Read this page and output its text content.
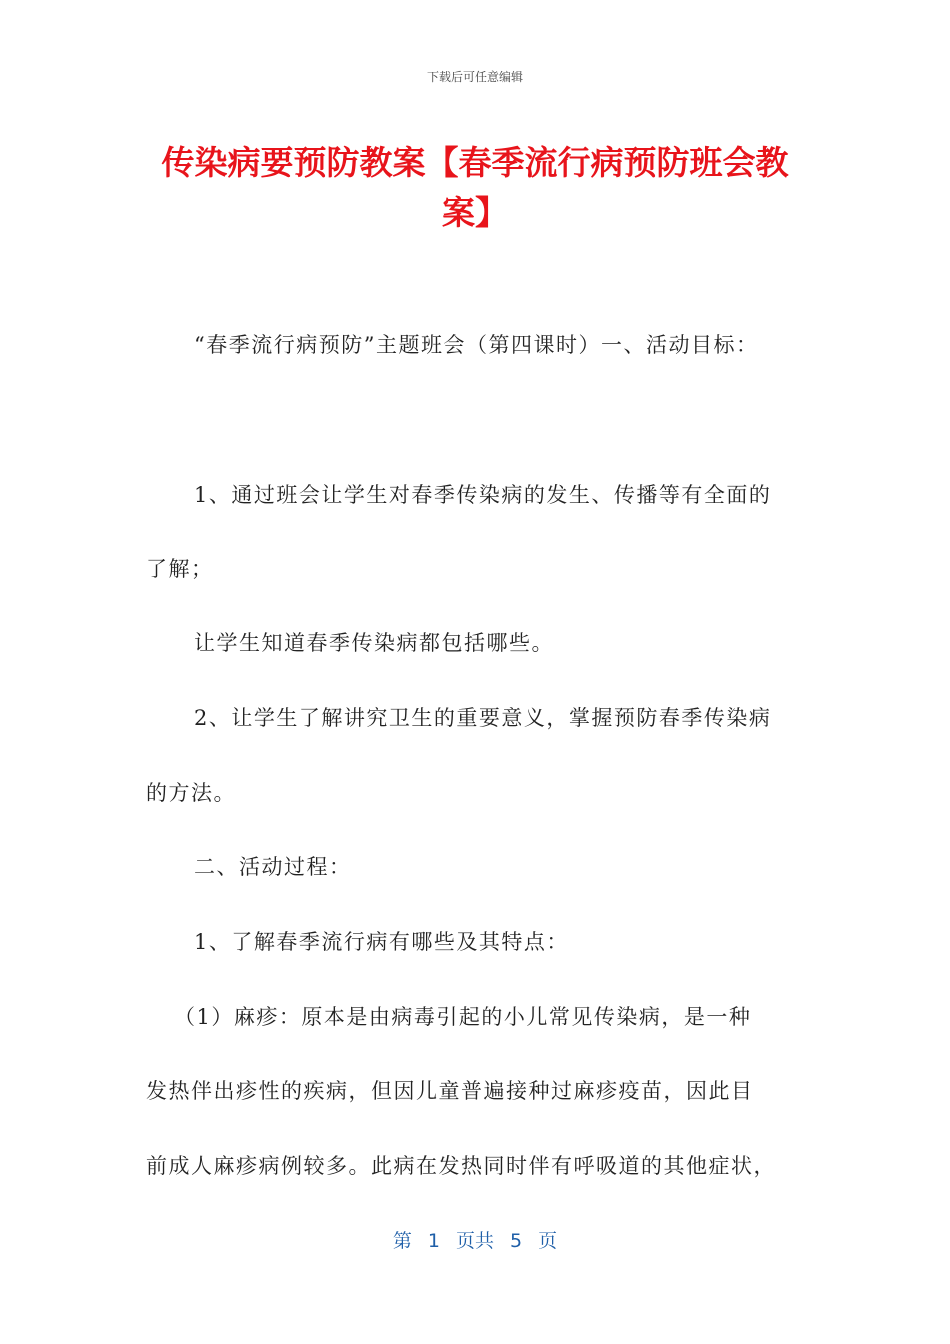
下载后可任意编辑
传染病要预防教案【春季流行病预防班会教案】

“春季流行病预防”主题班会（第四课时）一、活动目标：

1、通过班会让学生对春季传染病的发生、传播等有全面的

了解；

让学生知道春季传染病都包括哪些。

2、让学生了解讲究卫生的重要意义，掌握预防春季传染病

的方法。

二、活动过程：

1、了解春季流行病有哪些及其特点：

（1）麻疹：原本是由病毒引起的小儿常见传染病，是一种

发热伴出疹性的疾病，但因儿童普遍接种过麻疹疫苗，因此目

前成人麻疹病例较多。此病在发热同时伴有呼吸道的其他症状，

第 1 页共 5 页
